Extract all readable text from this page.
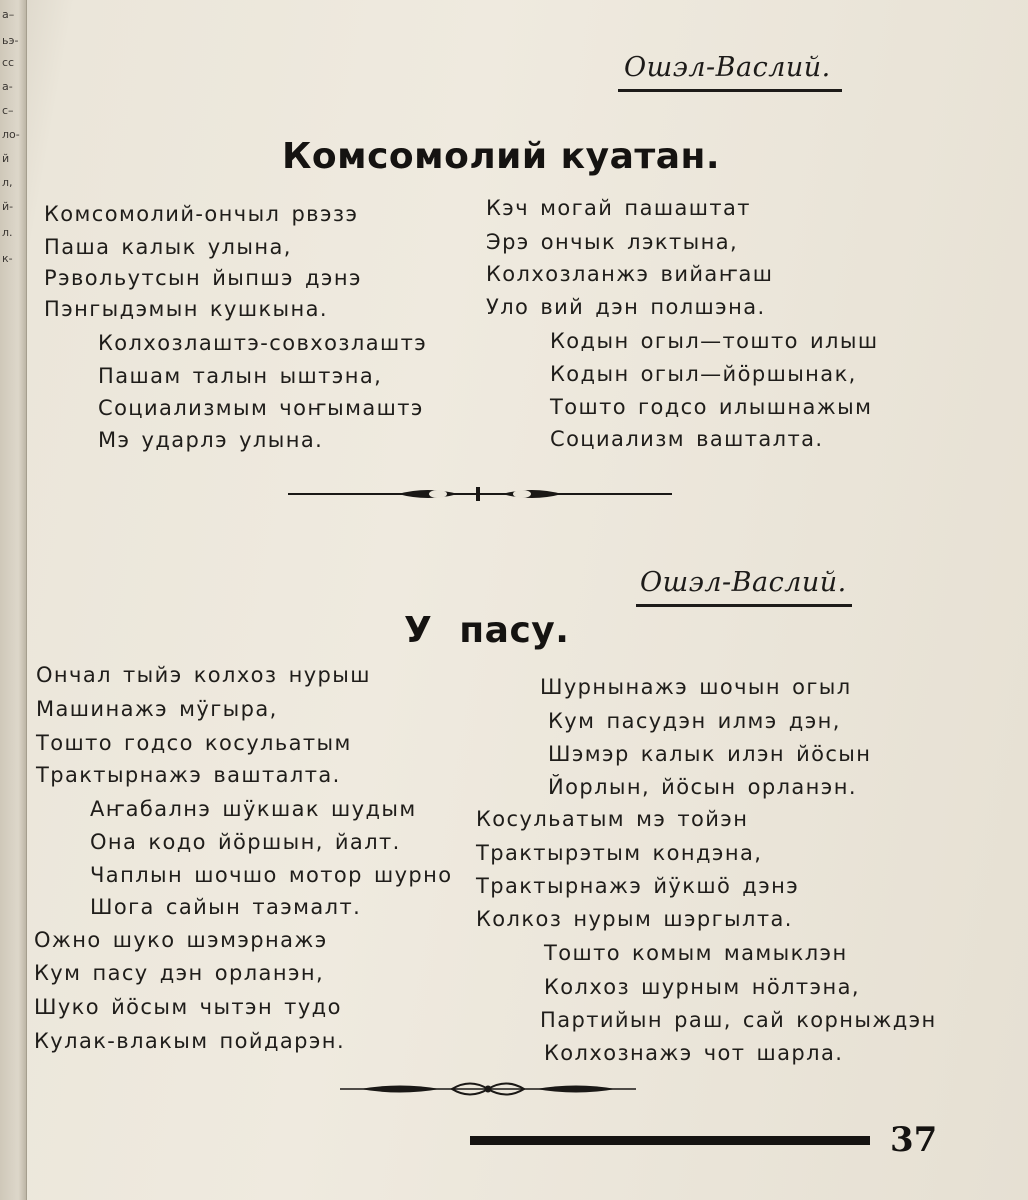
а–
ьэ-
сс
а-
с–
ло-
й
л,
й-
л.
к-
Ошэл-Васлий.
Комсомолий куатан.
Комсомолий-ончыл рвэзэ
Паша калык улына,
Рэвольутсын йыпшэ дэнэ
Пэнгыдэмын кушкына.
Колхозлаштэ-совхозлаштэ
Пашам талын ыштэна,
Социализмым чоҥымаштэ
Мэ ударлэ улына.
Кэч могай пашаштат
Эрэ ончык лэктына,
Колхозланжэ вийаҥаш
Уло вий дэн полшэна.
Кодын огыл—тошто илыш
Кодын огыл—йӧршынак,
Тошто годсо илышнажым
Социализм вашталта.
Ошэл-Васлий.
У пасу.
Ончал тыйэ колхоз нурыш
Машинажэ мӱгыра,
Тошто годсо косульатым
Трактырнажэ вашталта.
Аҥабалнэ шӱкшак шудым
Она кодо йӧршын, йалт.
Чаплын шочшо мотор шурно
Шога сайын таэмалт.
Ожно шуко шэмэрнажэ
Кум пасу дэн орланэн,
Шуко йӧсым чытэн тудо
Кулак-влакым пойдарэн.
Шурнынажэ шочын огыл
Кум пасудэн илмэ дэн,
Шэмэр калык илэн йӧсын
Йорлын, йӧсын орланэн.
Косульатым мэ тойэн
Трактырэтым кондэна,
Трактырнажэ йӱкшӧ дэнэ
Колкоз нурым шэргылта.
Тошто комым мамыклэн
Колхоз шурным нӧлтэна,
Партийын раш, сай корныждэн
Колхознажэ чот шарла.
37
